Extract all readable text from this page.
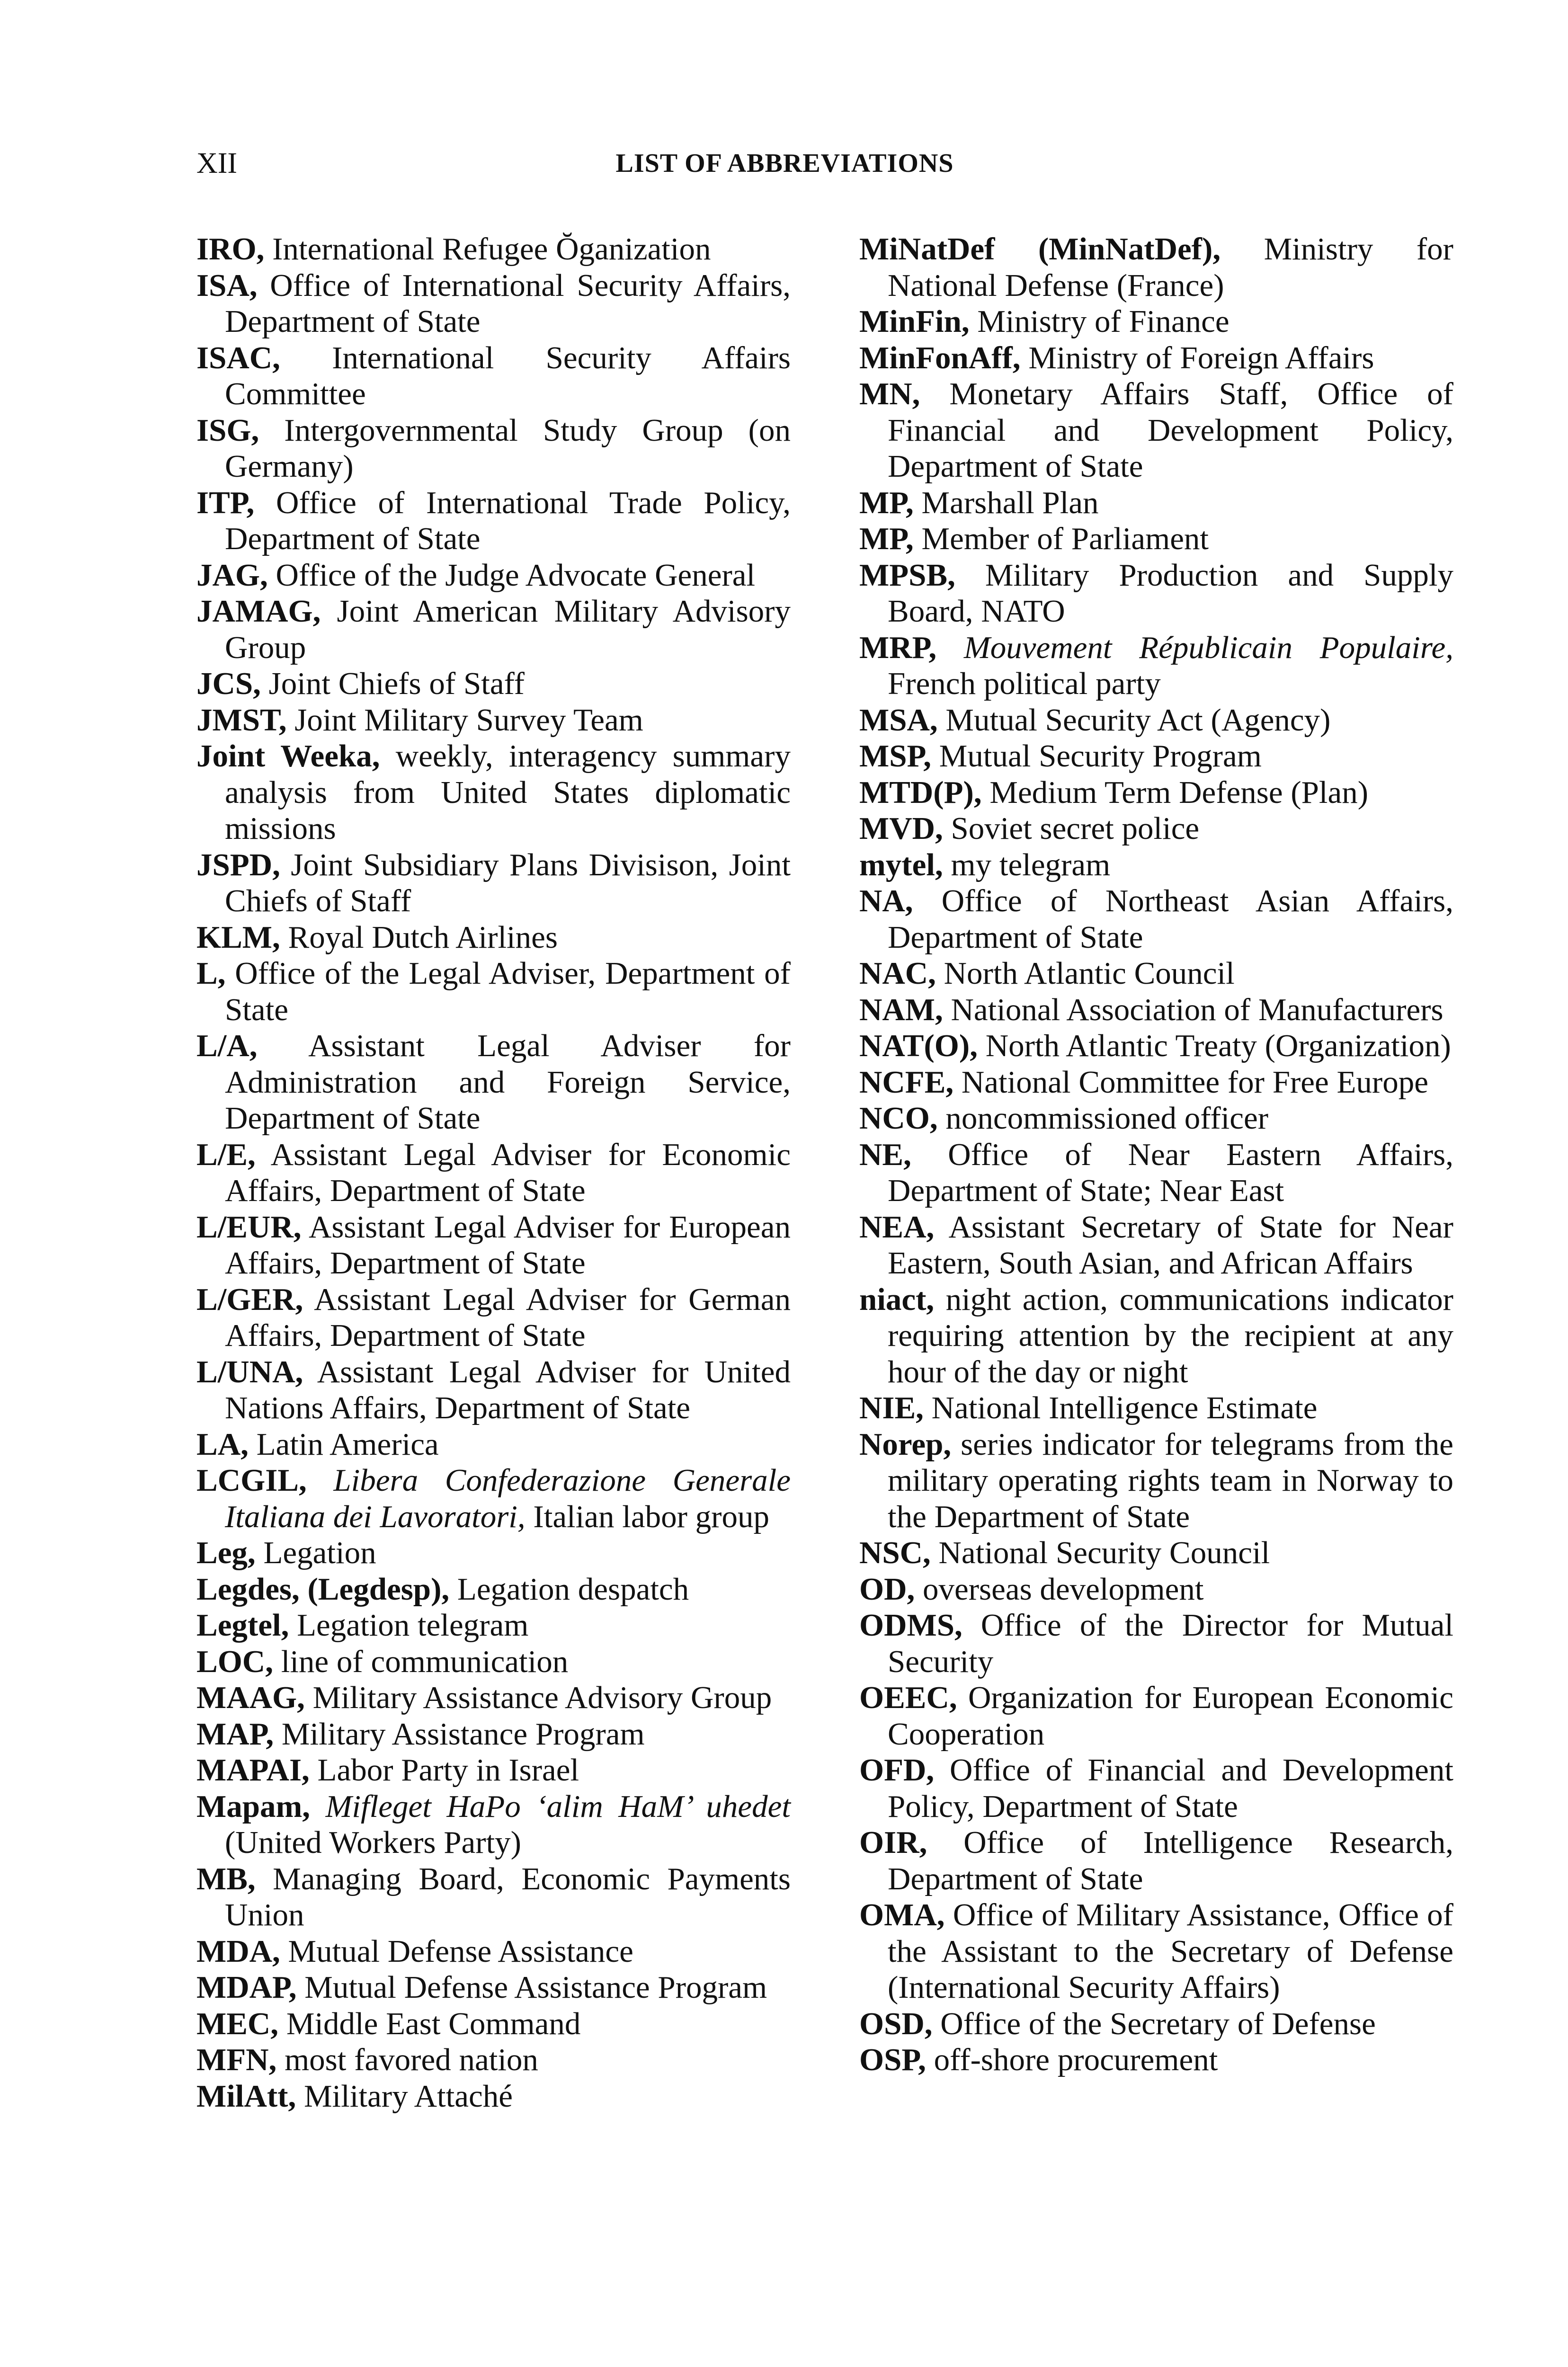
XII	LIST OF ABBREVIATIONS

IRO, International Refugee Ŏganization

ISA, Office of International Security Affairs, Department of State

ISAC, International Security Affairs Committee

ISG, Intergovernmental Study Group (on Germany)

ITP, Office of International Trade Policy, Department of State

JAG, Office of the Judge Advocate General

JAMAG, Joint American Military Advisory Group

JCS, Joint Chiefs of Staff

JMST, Joint Military Survey Team

Joint Weeka, weekly, interagency summary analysis from United States diplomatic missions

JSPD, Joint Subsidiary Plans Divisison, Joint Chiefs of Staff

KLM, Royal Dutch Airlines

L, Office of the Legal Adviser, Department of State

L/A, Assistant Legal Adviser for Administration and Foreign Service, Department of State

L/E, Assistant Legal Adviser for Economic Affairs, Department of State

L/EUR, Assistant Legal Adviser for European Affairs, Department of State

L/GER, Assistant Legal Adviser for German Affairs, Department of State

L/UNA, Assistant Legal Adviser for United Nations Affairs, Department of State

LA, Latin America

LCGIL, Libera Confederazione Generale Italiana dei Lavoratori, Italian labor group

Leg, Legation

Legdes, (Legdesp), Legation despatch

Legtel, Legation telegram

LOC, line of communication

MAAG, Military Assistance Advisory Group

MAP, Military Assistance Program

MAPAI, Labor Party in Israel

Mapam, Mifleget HaPo ‘alim HaM’ uhedet (United Workers Party)

MB, Managing Board, Economic Payments Union

MDA, Mutual Defense Assistance

MDAP, Mutual Defense Assistance Program

MEC, Middle East Command

MFN, most favored nation

MilAtt, Military Attaché

MiNatDef (MinNatDef), Ministry for National Defense (France)

MinFin, Ministry of Finance

MinFonAff, Ministry of Foreign Affairs

MN, Monetary Affairs Staff, Office of Financial and Development Policy, Department of State

MP, Marshall Plan

MP, Member of Parliament

MPSB, Military Production and Supply Board, NATO

MRP, Mouvement Républicain Populaire, French political party

MSA, Mutual Security Act (Agency)

MSP, Mutual Security Program

MTD(P), Medium Term Defense (Plan)

MVD, Soviet secret police

mytel, my telegram

NA, Office of Northeast Asian Affairs, Department of State

NAC, North Atlantic Council

NAM, National Association of Manufacturers

NAT(O), North Atlantic Treaty (Organization)

NCFE, National Committee for Free Europe

NCO, noncommissioned officer

NE, Office of Near Eastern Affairs, Department of State; Near East

NEA, Assistant Secretary of State for Near Eastern, South Asian, and African Affairs

niact, night action, communications indicator requiring attention by the recipient at any hour of the day or night

NIE, National Intelligence Estimate

Norep, series indicator for telegrams from the military operating rights team in Norway to the Department of State

NSC, National Security Council

OD, overseas development

ODMS, Office of the Director for Mutual Security

OEEC, Organization for European Economic Cooperation

OFD, Office of Financial and Development Policy, Department of State

OIR, Office of Intelligence Research, Department of State

OMA, Office of Military Assistance, Office of the Assistant to the Secretary of Defense (International Security Affairs)

OSD, Office of the Secretary of Defense

OSP, off-shore procurement
